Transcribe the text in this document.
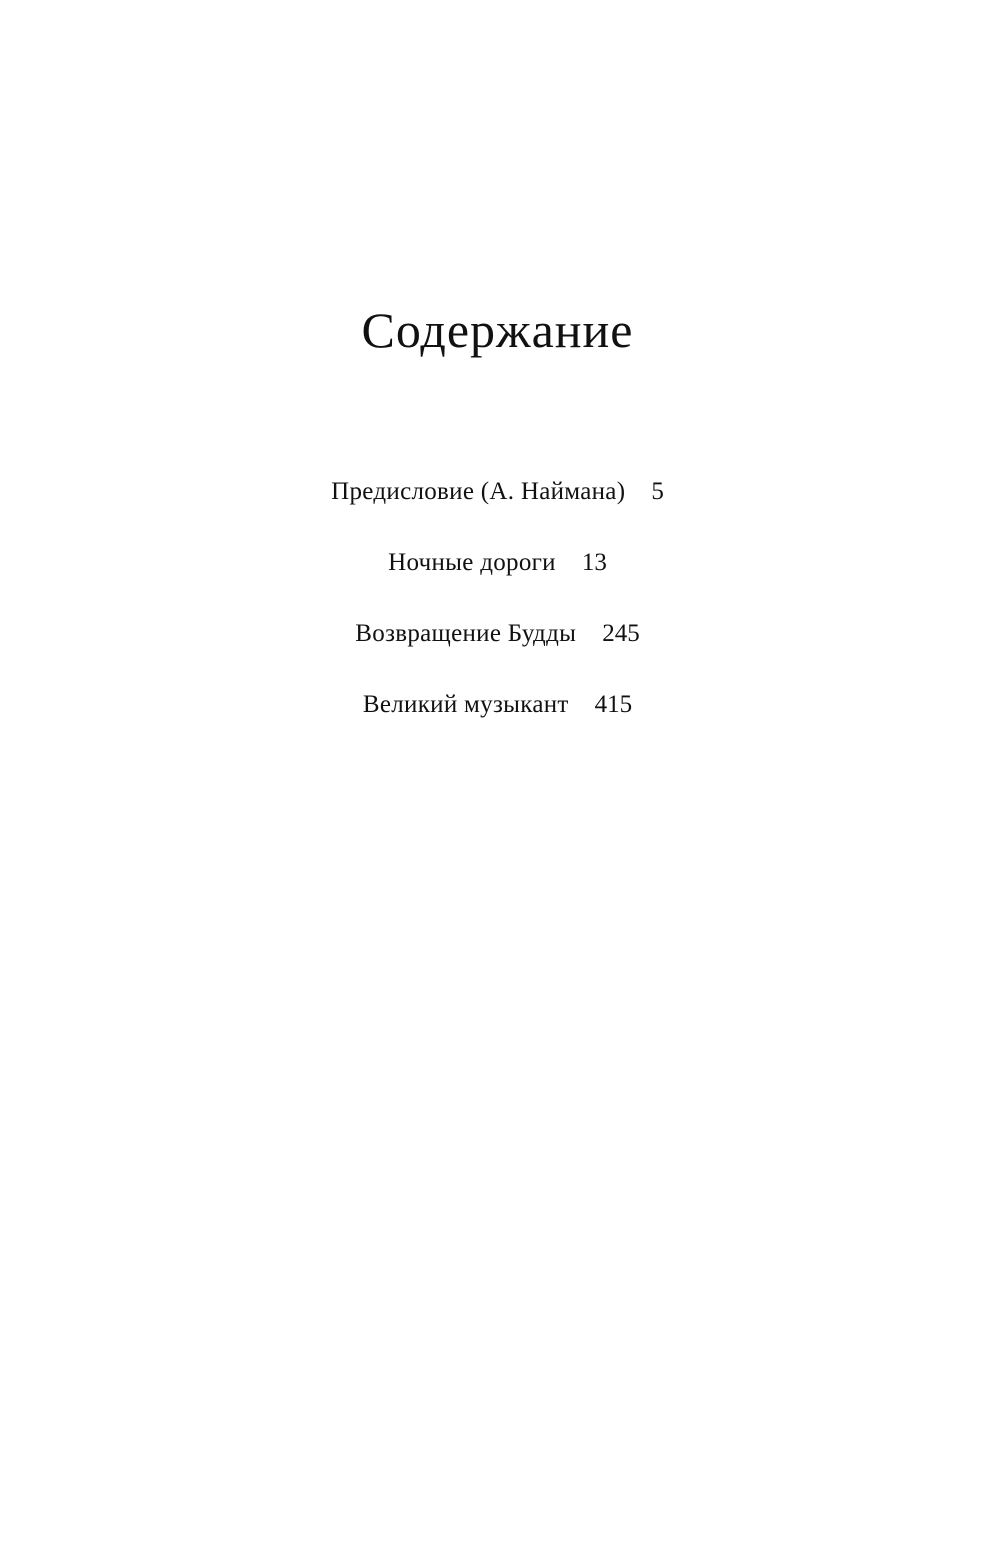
Содержание
Предисловие (А. Наймана) 5
Ночные дороги 13
Возвращение Будды 245
Великий музыкант 415
